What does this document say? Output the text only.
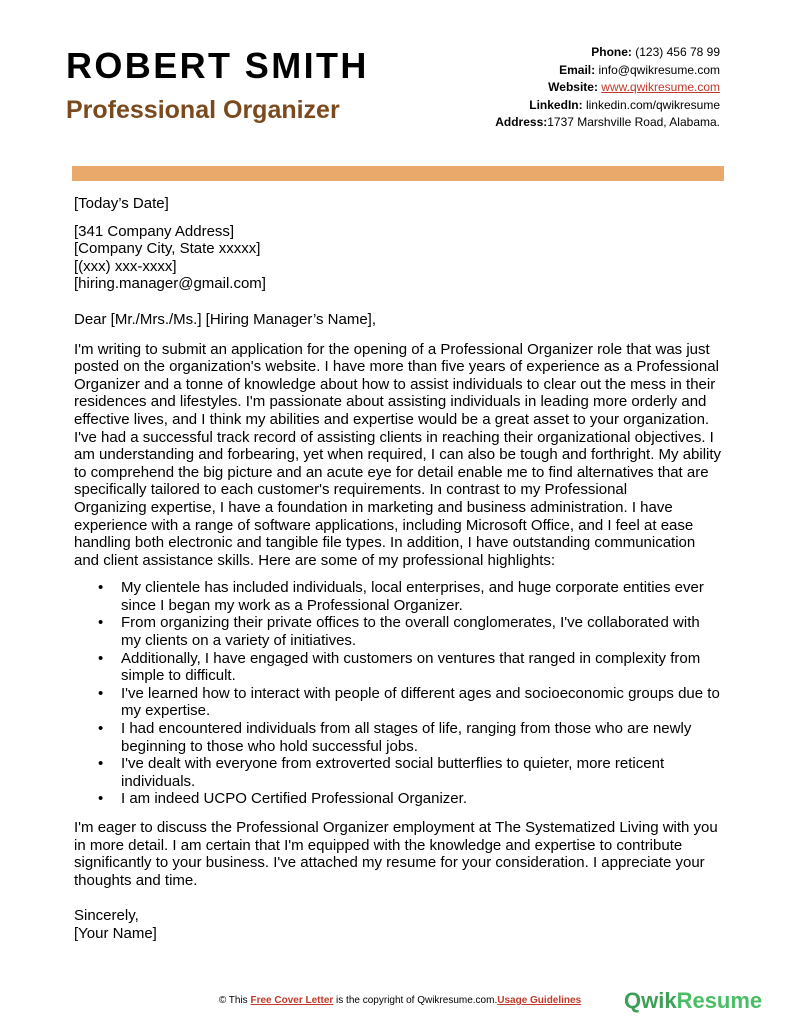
ROBERT SMITH
Professional Organizer
Phone: (123) 456 78 99
Email: info@qwikresume.com
Website: www.qwikresume.com
LinkedIn: linkedin.com/qwikresume
Address:1737 Marshville Road, Alabama.

[Today’s Date]

[341 Company Address]
[Company City, State xxxxx]
[(xxx) xxx-xxxx]
[hiring.manager@gmail.com]

Dear [Mr./Mrs./Ms.] [Hiring Manager’s Name],

I'm writing to submit an application for the opening of a Professional Organizer role that was just
posted on the organization's website. I have more than five years of experience as a Professional
Organizer and a tonne of knowledge about how to assist individuals to clear out the mess in their
residences and lifestyles. I'm passionate about assisting individuals in leading more orderly and
effective lives, and I think my abilities and expertise would be a great asset to your organization.
I've had a successful track record of assisting clients in reaching their organizational objectives. I
am understanding and forbearing, yet when required, I can also be tough and forthright. My ability
to comprehend the big picture and an acute eye for detail enable me to find alternatives that are
specifically tailored to each customer's requirements. In contrast to my Professional
Organizing expertise, I have a foundation in marketing and business administration. I have
experience with a range of software applications, including Microsoft Office, and I feel at ease
handling both electronic and tangible file types. In addition, I have outstanding communication
and client assistance skills. Here are some of my professional highlights:
• My clientele has included individuals, local enterprises, and huge corporate entities ever
since I began my work as a Professional Organizer.
• From organizing their private offices to the overall conglomerates, I've collaborated with
my clients on a variety of initiatives.
• Additionally, I have engaged with customers on ventures that ranged in complexity from
simple to difficult.
• I've learned how to interact with people of different ages and socioeconomic groups due to
my expertise.
• I had encountered individuals from all stages of life, ranging from those who are newly
beginning to those who hold successful jobs.
• I've dealt with everyone from extroverted social butterflies to quieter, more reticent
individuals.
• I am indeed UCPO Certified Professional Organizer.
I'm eager to discuss the Professional Organizer employment at The Systematized Living with you
in more detail. I am certain that I'm equipped with the knowledge and expertise to contribute
significantly to your business. I've attached my resume for your consideration. I appreciate your
thoughts and time.

Sincerely,

[Your Name]

© This Free Cover Letter is the copyright of Qwikresume.com.Usage Guidelines	QwikResume
